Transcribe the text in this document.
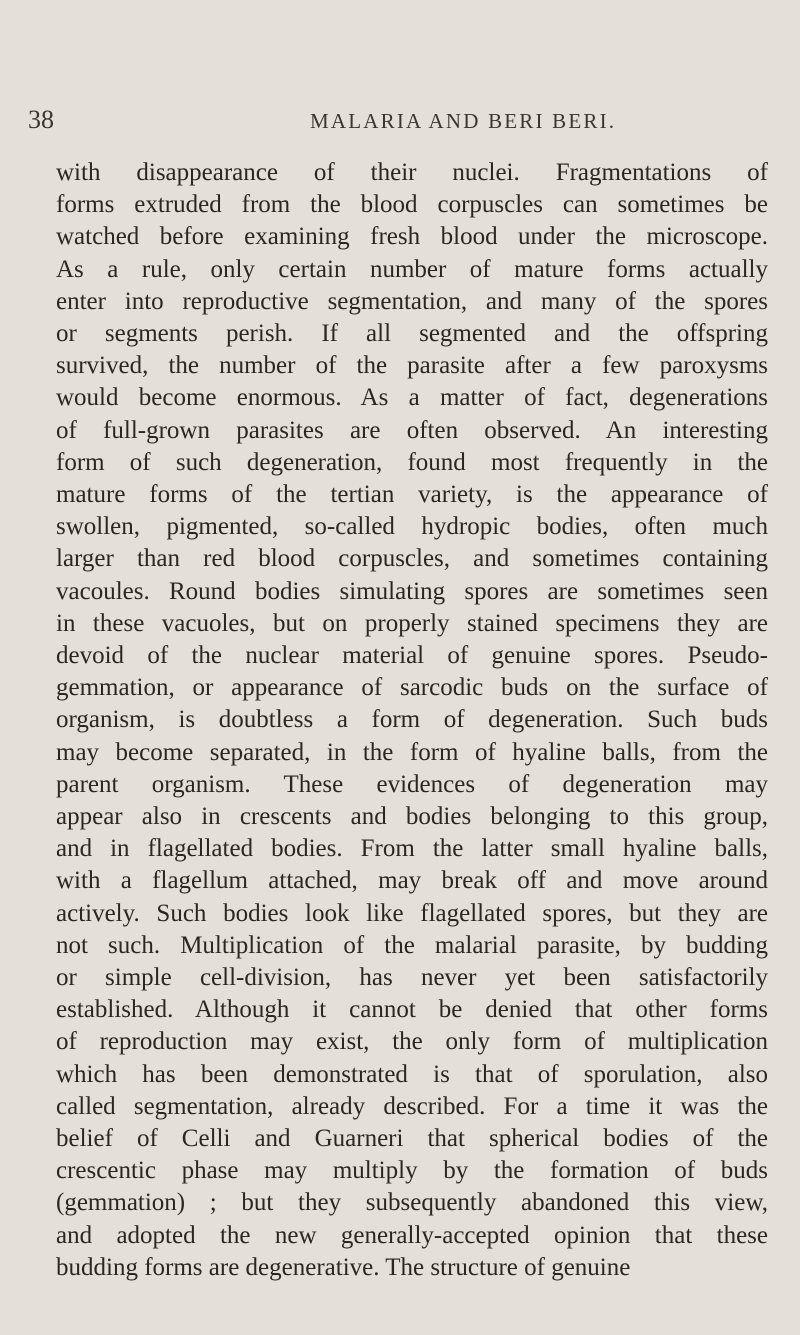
38	MALARIA AND BERI BERI.
with disappearance of their nuclei. Fragmentations of
forms extruded from the blood corpuscles can sometimes be
watched before examining fresh blood under the microscope.
As a rule, only certain number of mature forms actually
enter into reproductive segmentation, and many of the spores
or segments perish. If all segmented and the offspring
survived, the number of the parasite after a few paroxysms
would become enormous. As a matter of fact, degenerations
of full-grown parasites are often observed. An interesting
form of such degeneration, found most frequently in the
mature forms of the tertian variety, is the appearance of
swollen, pigmented, so-called hydropic bodies, often much
larger than red blood corpuscles, and sometimes containing
vacoules. Round bodies simulating spores are sometimes seen
in these vacuoles, but on properly stained specimens they are
devoid of the nuclear material of genuine spores. Pseudo-
gemmation, or appearance of sarcodic buds on the surface of
organism, is doubtless a form of degeneration. Such buds
may become separated, in the form of hyaline balls, from the
parent organism. These evidences of degeneration may
appear also in crescents and bodies belonging to this group,
and in flagellated bodies. From the latter small hyaline balls,
with a flagellum attached, may break off and move around
actively. Such bodies look like flagellated spores, but they are
not such. Multiplication of the malarial parasite, by budding
or simple cell-division, has never yet been satisfactorily
established. Although it cannot be denied that other forms
of reproduction may exist, the only form of multiplication
which has been demonstrated is that of sporulation, also
called segmentation, already described. For a time it was the
belief of Celli and Guarneri that spherical bodies of the
crescentic phase may multiply by the formation of buds
(gemmation) ; but they subsequently abandoned this view,
and adopted the new generally-accepted opinion that these
budding forms are degenerative. The structure of genuine
